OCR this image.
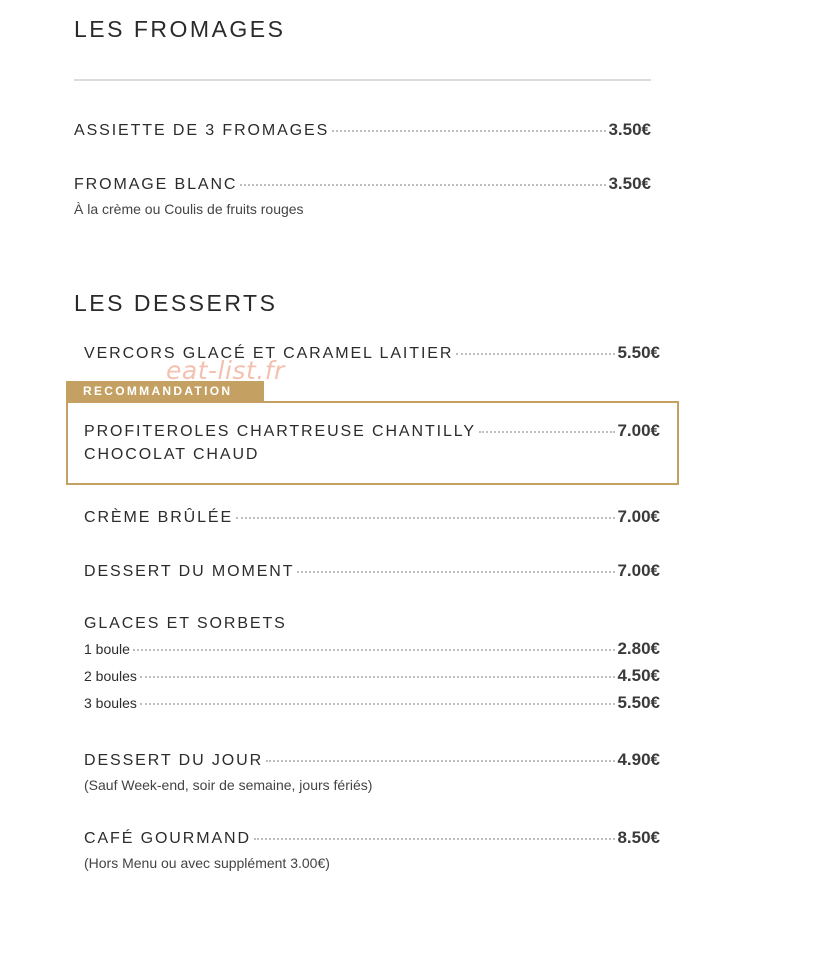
LES FROMAGES
ASSIETTE DE 3 FROMAGES	3.50€
FROMAGE BLANC	3.50€
À la crème ou Coulis de fruits rouges
LES DESSERTS
VERCORS GLACÉ ET CARAMEL LAITIER	5.50€
RECOMMANDATION
PROFITEROLES CHARTREUSE CHANTILLY	7.00€
CHOCOLAT CHAUD
CRÈME BRÛLÉE	7.00€
DESSERT DU MOMENT	7.00€
GLACES ET SORBETS
1 boule	2.80€
2 boules	4.50€
3 boules	5.50€
DESSERT DU JOUR	4.90€
(Sauf Week-end, soir de semaine, jours fériés)
CAFÉ GOURMAND	8.50€
(Hors Menu ou avec supplément 3.00€)
eat-list.fr
